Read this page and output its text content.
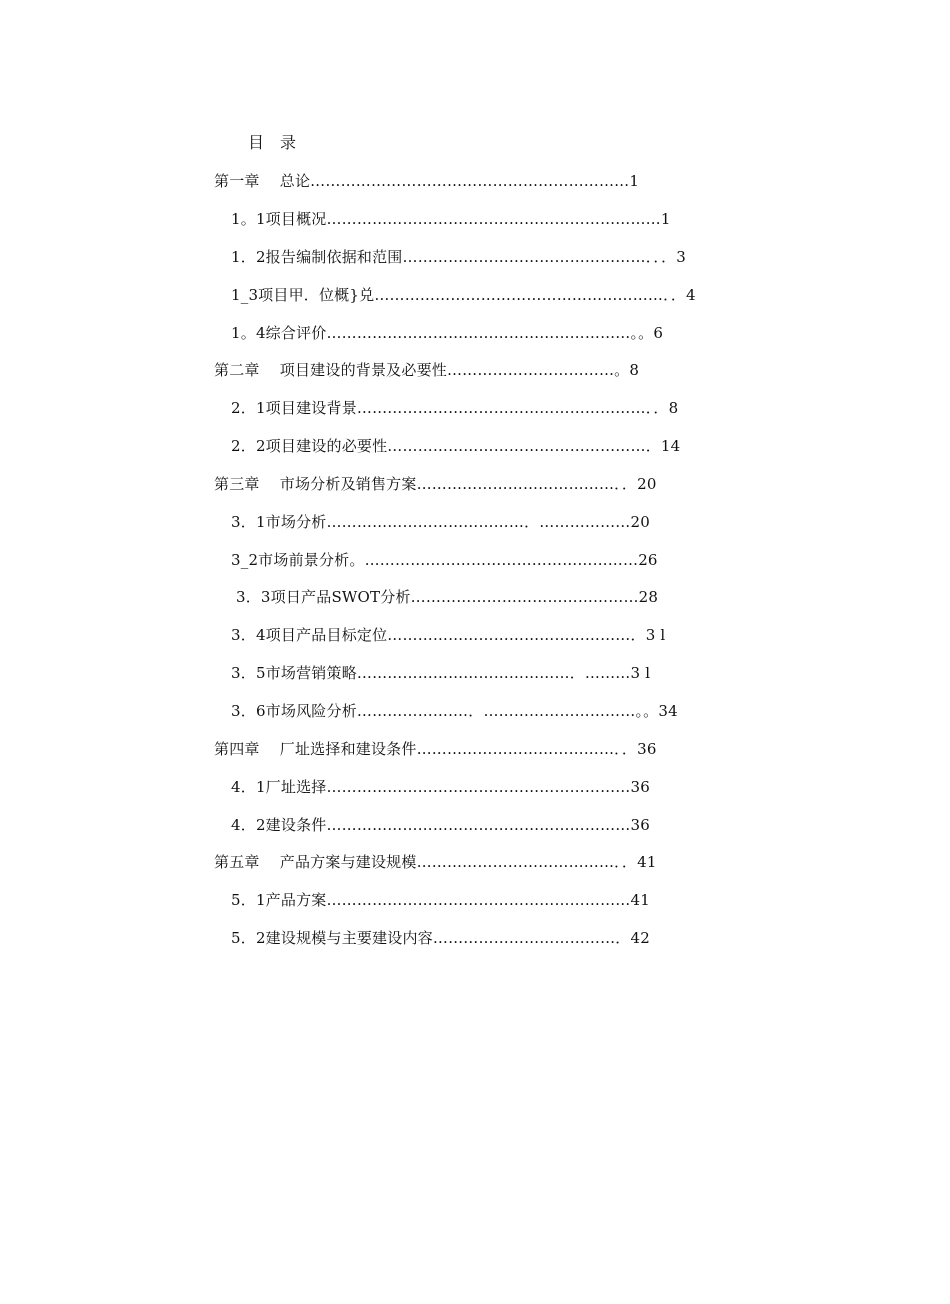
目　录
第一章　 总论………………………………………………………1
1。1项目概况…………………………………………………………1
1．2报告编制依据和范围…………………………………………．．．3
1_3项目甲．位概}兑…………………………………………………．．4
1。4综合评价……………………………………………………。。6
第二章　 项目建设的背景及必要性……………………………。8
2．1项目建设背景…………………………………………………．．8
2．2项目建设的必要性……………………………………………．14
第三章　 市场分析及销售方案…………………………………．．20
3．1市场分析…………………………………．………………20
3_2市场前景分析。………………………………………………26
3．3项日产品SWOT分析………………………………………28
3．4项目产品目标定位…………………………………………．3 l
3．5市场营销策略……………………………………．………3 l
3．6市场风险分析……………….…．…………………………。。34
第四章　 厂址选择和建设条件…………………………………．．36
4．1厂址选择……………………………………………………36
4．2建设条件……………………………………………………36
第五章　 产品方案与建设规模…………………………………．．41
5．1产品方案……………………………………………………41
5．2建设规模与主要建设内容………………………………．42
